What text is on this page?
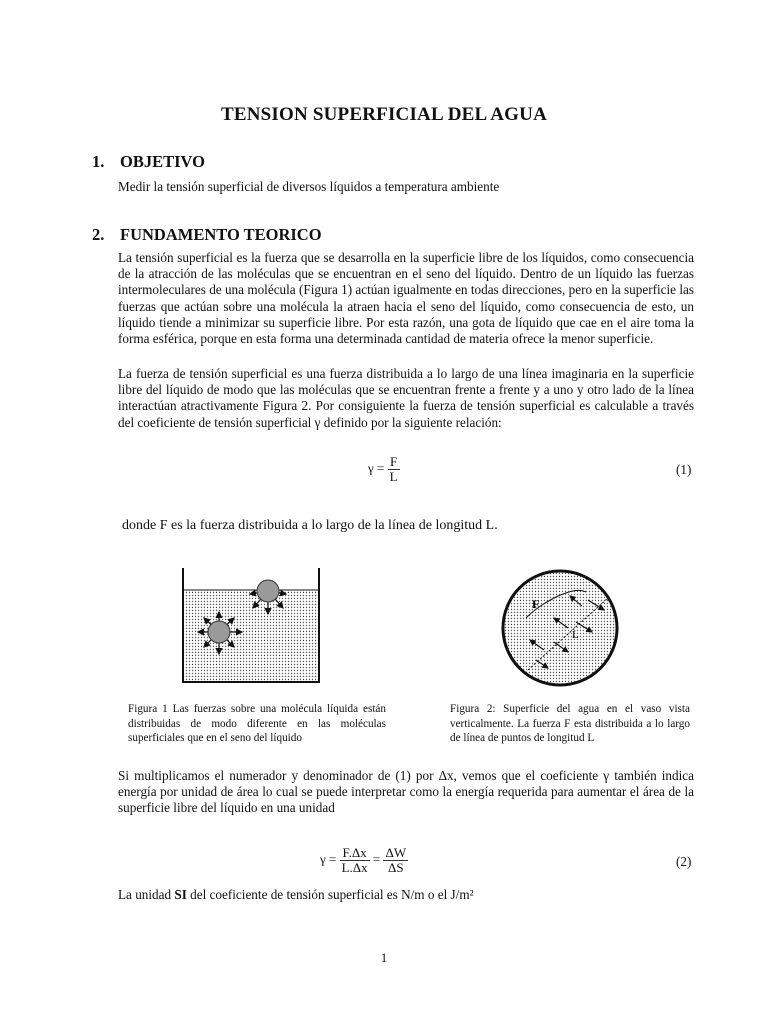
TENSION SUPERFICIAL DEL AGUA
1. OBJETIVO

Medir la tensión superficial de diversos líquidos a temperatura ambiente

2. FUNDAMENTO TEORICO

La tensión superficial es la fuerza que se desarrolla en la superficie libre de los líquidos, como consecuencia de la atracción de las moléculas que se encuentran en el seno del líquido. Dentro de un líquido las fuerzas intermoleculares de una molécula (Figura 1) actúan igualmente en todas direcciones, pero en la superficie las fuerzas que actúan sobre una molécula la atraen hacia el seno del líquido, como consecuencia de esto, un líquido tiende a minimizar su superficie libre. Por esta razón, una gota de líquido que cae en el aire toma la forma esférica, porque en esta forma una determinada cantidad de materia ofrece la menor superficie.

La fuerza de tensión superficial es una fuerza distribuida a lo largo de una línea imaginaria en la superficie libre del líquido de modo que las moléculas que se encuentran frente a frente y a uno y otro lado de la línea interactúan atractivamente Figura 2. Por consiguiente la fuerza de tensión superficial es calculable a través del coeficiente de tensión superficial γ definido por la siguiente relación:

$\gamma = \frac{F}{L}$	(1)

donde F es la fuerza distribuida a lo largo de la línea de longitud L.

F
L

Figura 1 Las fuerzas sobre una molécula líquida están distribuidas de modo diferente en las moléculas superficiales que en el seno del líquido

Figura 2: Superficie del agua en el vaso vista verticalmente. La fuerza F esta distribuida a lo largo de línea de puntos de longitud L

Si multiplicamos el numerador y denominador de (1) por Δx, vemos que el coeficiente γ también indica energía por unidad de área lo cual se puede interpretar como la energía requerida para aumentar el área de la superficie libre del líquido en una unidad

$\gamma = \frac{F.\Delta x}{L.\Delta x} = \frac{\Delta W}{\Delta S}$	(2)

La unidad SI del coeficiente de tensión superficial es N/m o el J/m²

1
